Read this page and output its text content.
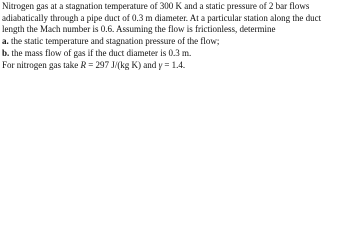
Nitrogen gas at a stagnation temperature of 300 K and a static pressure of 2 bar flows
adiabatically through a pipe duct of 0.3 m diameter. At a particular station along the duct
length the Mach number is 0.6. Assuming the flow is frictionless, determine
a. the static temperature and stagnation pressure of the flow;
b. the mass flow of gas if the duct diameter is 0.3 m.
For nitrogen gas take R = 297 J/(kg K) and γ = 1.4.
